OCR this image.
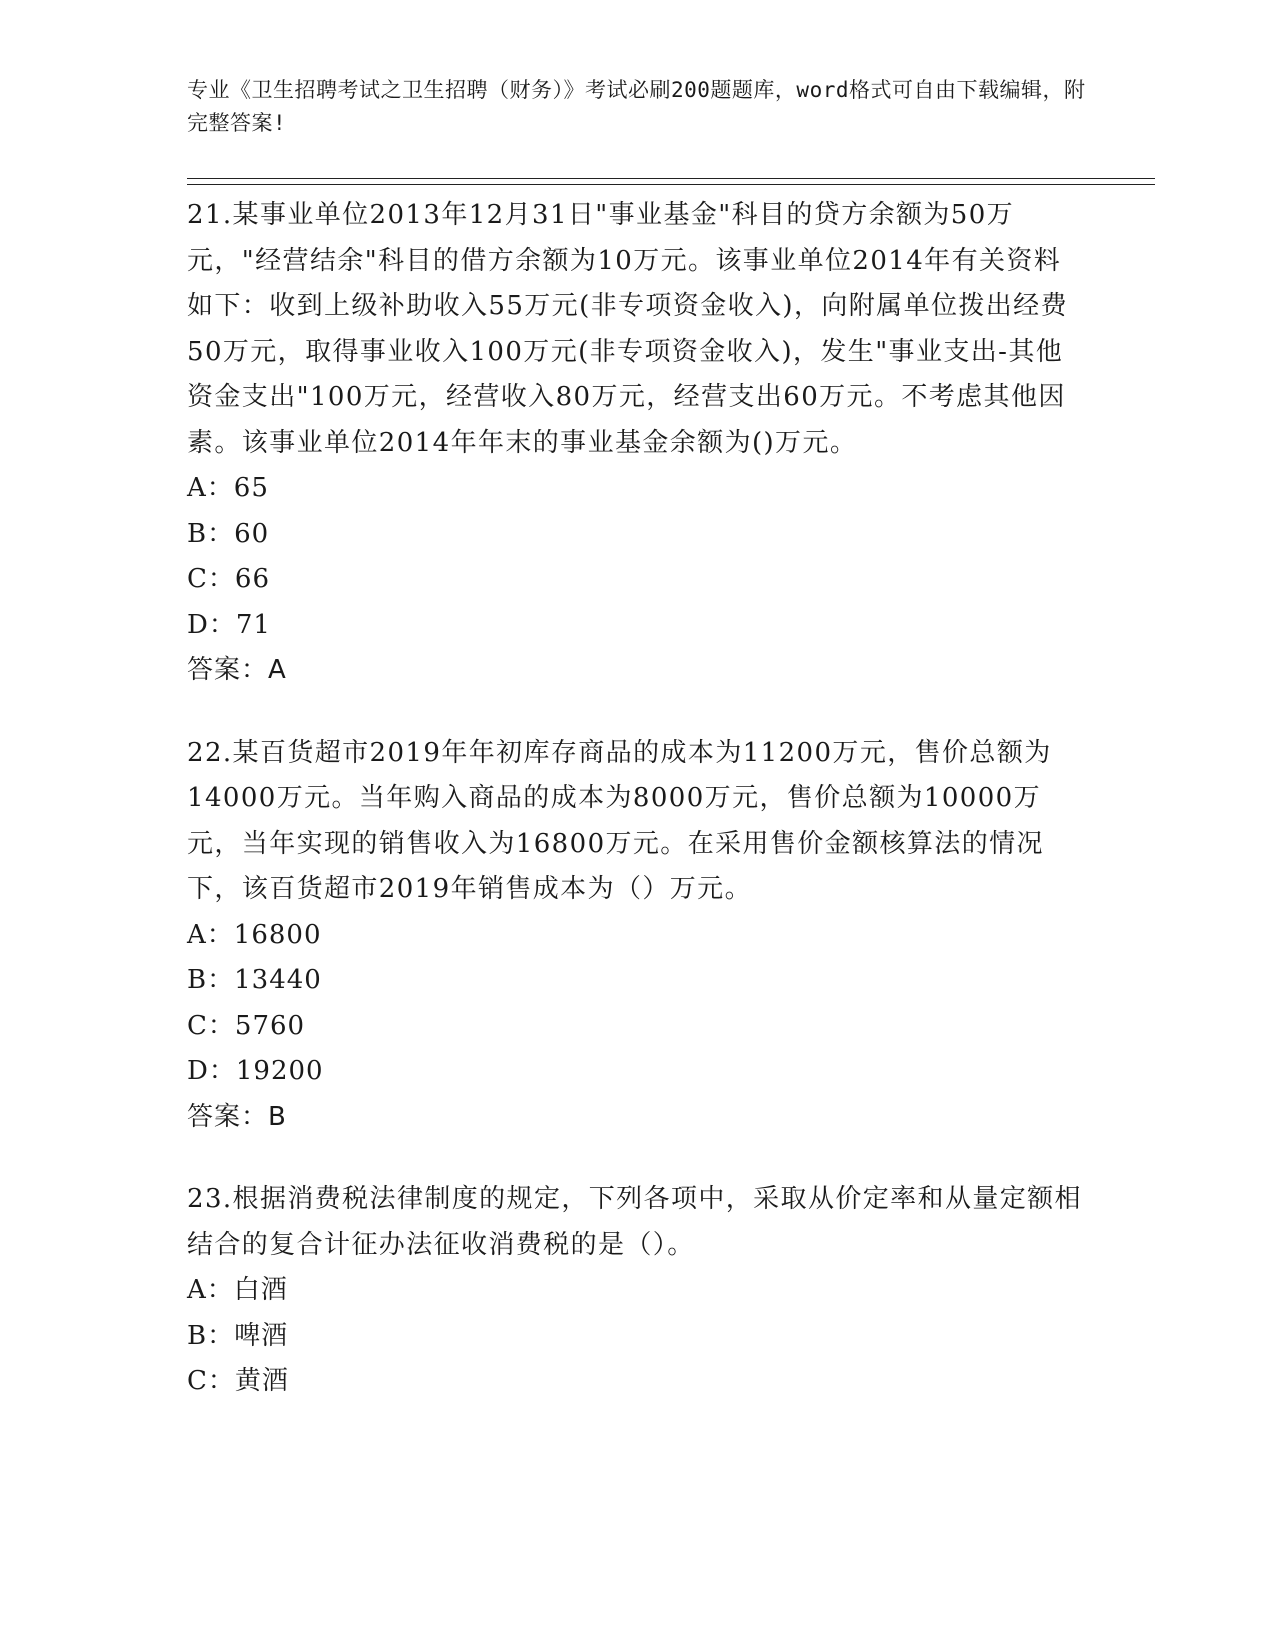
专业《卫生招聘考试之卫生招聘（财务）》考试必刷200题题库，word格式可自由下载编辑，附完整答案!
21.某事业单位2013年12月31日"事业基金"科目的贷方余额为50万元，"经营结余"科目的借方余额为10万元。该事业单位2014年有关资料如下：收到上级补助收入55万元(非专项资金收入)，向附属单位拨出经费50万元，取得事业收入100万元(非专项资金收入)，发生"事业支出-其他资金支出"100万元，经营收入80万元，经营支出60万元。不考虑其他因素。该事业单位2014年年末的事业基金余额为()万元。
A：65
B：60
C：66
D：71
答案：A
22.某百货超市2019年年初库存商品的成本为11200万元，售价总额为14000万元。当年购入商品的成本为8000万元，售价总额为10000万元，当年实现的销售收入为16800万元。在采用售价金额核算法的情况下，该百货超市2019年销售成本为（）万元。
A：16800
B：13440
C：5760
D：19200
答案：B
23.根据消费税法律制度的规定，下列各项中，采取从价定率和从量定额相结合的复合计征办法征收消费税的是（）。
A：白酒
B：啤酒
C：黄酒
